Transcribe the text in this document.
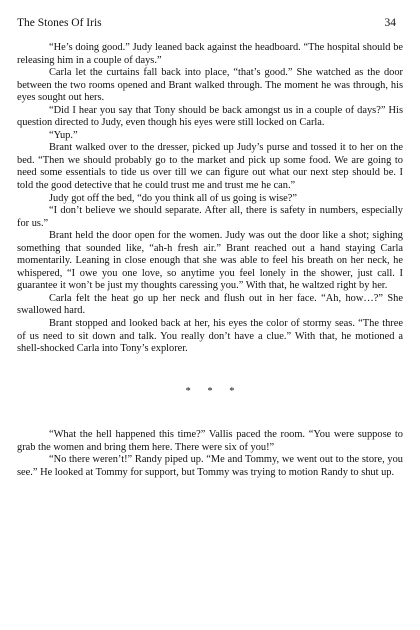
The Stones Of Iris	34

“He’s doing good.” Judy leaned back against the headboard. “The hospital should be releasing him in a couple of days.”

Carla let the curtains fall back into place, “that’s good.” She watched as the door between the two rooms opened and Brant walked through. The moment he was through, his eyes sought out hers.

“Did I hear you say that Tony should be back amongst us in a couple of days?” His question directed to Judy, even though his eyes were still locked on Carla.

“Yup.”

Brant walked over to the dresser, picked up Judy’s purse and tossed it to her on the bed. “Then we should probably go to the market and pick up some food. We are going to need some essentials to tide us over till we can figure out what our next step should be. I told the good detective that he could trust me and trust me he can.”

Judy got off the bed, “do you think all of us going is wise?”

“I don’t believe we should separate. After all, there is safety in numbers, especially for us.”

Brant held the door open for the women. Judy was out the door like a shot; sighing something that sounded like, “ah-h fresh air.” Brant reached out a hand staying Carla momentarily. Leaning in close enough that she was able to feel his breath on her neck, he whispered, “I owe you one love, so anytime you feel lonely in the shower, just call. I guarantee it won’t be just my thoughts caressing you.” With that, he waltzed right by her.

Carla felt the heat go up her neck and flush out in her face. “Ah, how…?” She swallowed hard.

Brant stopped and looked back at her, his eyes the color of stormy seas. “The three of us need to sit down and talk. You really don’t have a clue.” With that, he motioned a shell-shocked Carla into Tony’s explorer.

* * *

“What the hell happened this time?” Vallis paced the room. “You were suppose to grab the women and bring them here. There were six of you!”

“No there weren’t!” Randy piped up. “Me and Tommy, we went out to the store, you see.” He looked at Tommy for support, but Tommy was trying to motion Randy to shut up.
